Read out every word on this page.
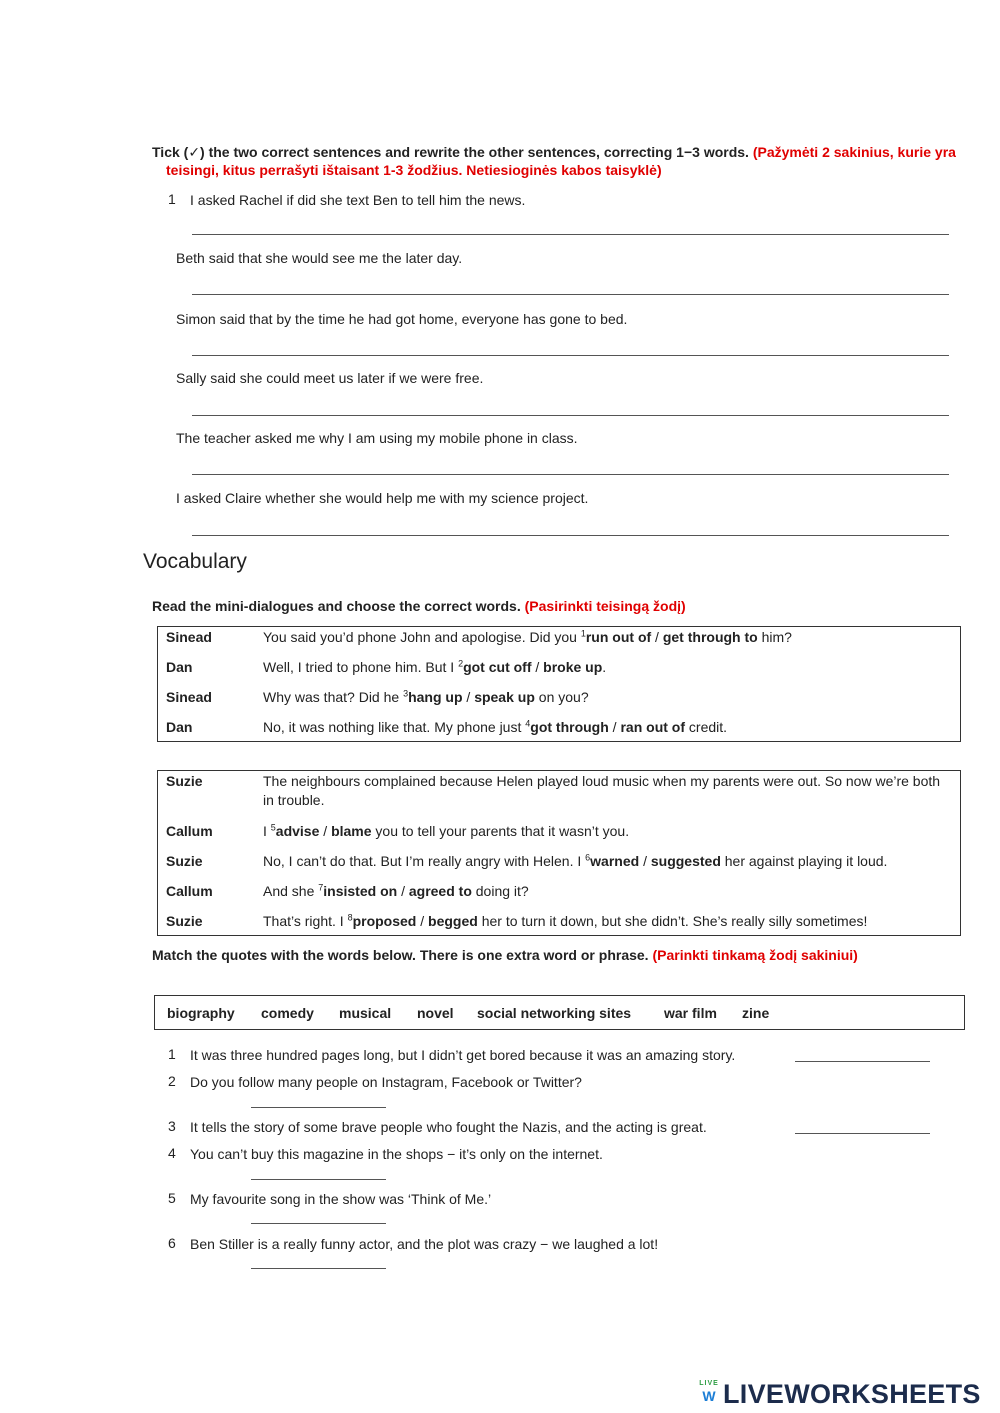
Tick (✓) the two correct sentences and rewrite the other sentences, correcting 1−3 words. (Pažymėti 2 sakinius, kurie yra teisingi, kitus perrašyti ištaisant 1-3 žodžius. Netiesioginės kabos taisyklė)
1 I asked Rachel if did she text Ben to tell him the news.
Beth said that she would see me the later day.
Simon said that by the time he had got home, everyone has gone to bed.
Sally said she could meet us later if we were free.
The teacher asked me why I am using my mobile phone in class.
I asked Claire whether she would help me with my science project.
Vocabulary
Read the mini-dialogues and choose the correct words. (Pasirinkti teisingą žodį)
Sinead	You said you’d phone John and apologise. Did you $^1$run out of / get through to him?
Dan	Well, I tried to phone him. But I $^2$got cut off / broke up.
Sinead	Why was that? Did he $^3$hang up / speak up on you?
Dan	No, it was nothing like that. My phone just $^4$got through / ran out of credit.
Suzie	The neighbours complained because Helen played loud music when my parents were out. So now we’re both in trouble.
Callum	I $^5$advise / blame you to tell your parents that it wasn’t you.
Suzie	No, I can’t do that. But I’m really angry with Helen. I $^6$warned / suggested her against playing it loud.
Callum	And she $^7$insisted on / agreed to doing it?
Suzie	That’s right. I $^8$proposed / begged her to turn it down, but she didn’t. She’s really silly sometimes!
Match the quotes with the words below. There is one extra word or phrase. (Parinkti tinkamą žodį sakiniui)
biography comedy musical novel social networking sites war film zine
1 It was three hundred pages long, but I didn’t get bored because it was an amazing story.
2 Do you follow many people on Instagram, Facebook or Twitter?
3 It tells the story of some brave people who fought the Nazis, and the acting is great.
4 You can’t buy this magazine in the shops − it’s only on the internet.
5 My favourite song in the show was ‘Think of Me.’
6 Ben Stiller is a really funny actor, and the plot was crazy − we laughed a lot!
LIVE
W LIVEWORKSHEETS
